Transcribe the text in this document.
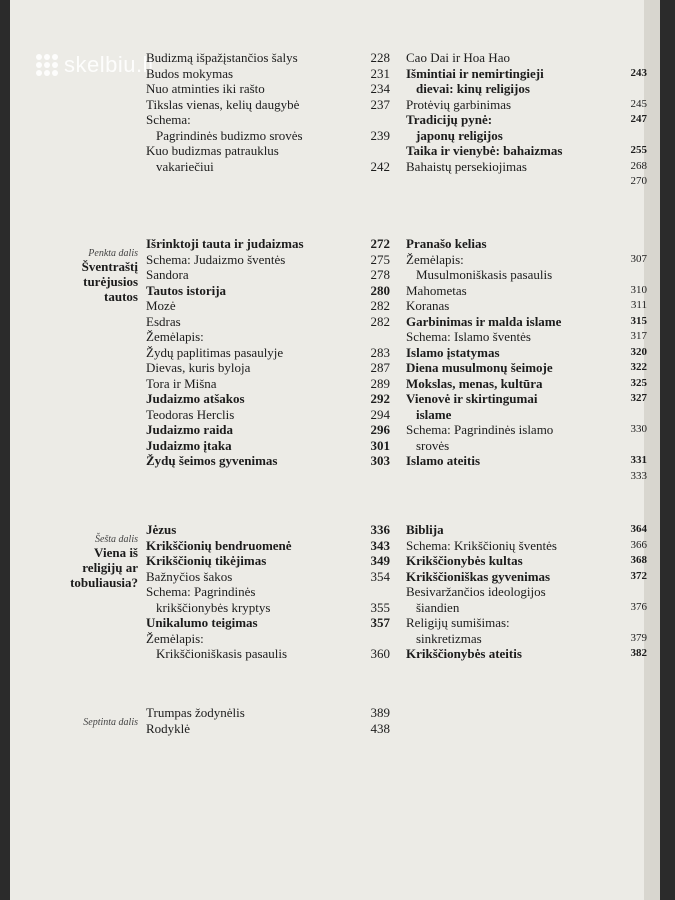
skelbiu.lt
Budizmą išpažįstančios šalys	228
Budos mokymas	231
Nuo atminties iki rašto	234
Tikslas vienas, kelių daugybė	237
Schema:
Pagrindinės budizmo srovės	239
Kuo budizmas patrauklus
vakariečiui	242
Cao Dai ir Hoa Hao
Išmintiai ir nemirtingieji	243
dievai: kinų religijos
Protėvių garbinimas	245
Tradicijų pynė:	247
japonų religijos
Taika ir vienybė: bahaizmas	255
Bahaistų persekiojimas	268

270
Penkta dalis
Šventraštį turėjusios tautos
Išrinktoji tauta ir judaizmas	272
Schema: Judaizmo šventės	275
Sandora	278
Tautos istorija	280
Mozė	282
Esdras	282
Žemėlapis:
Žydų paplitimas pasaulyje	283
Dievas, kuris byloja	287
Tora ir Mišna	289
Judaizmo atšakos	292
Teodoras Herclis	294
Judaizmo raida	296
Judaizmo įtaka	301
Žydų šeimos gyvenimas	303
Pranašo kelias
Žemėlapis:	307
Musulmoniškasis pasaulis
Mahometas	310
Koranas	311
Garbinimas ir malda islame	315
Schema: Islamo šventės	317
Islamo įstatymas	320
Diena musulmonų šeimoje	322
Mokslas, menas, kultūra	325
Vienovė ir skirtingumai	327
islame
Schema: Pagrindinės islamo	330
srovės
Islamo ateitis	331

333
Šešta dalis
Viena iš religijų ar tobuliausia?
Jėzus	336
Krikščionių bendruomenė	343
Krikščionių tikėjimas	349
Bažnyčios šakos	354
Schema: Pagrindinės
krikščionybės kryptys	355
Unikalumo teigimas	357
Žemėlapis:
Krikščioniškasis pasaulis	360
Biblija	364
Schema: Krikščionių šventės	366
Krikščionybės kultas	368
Krikščioniškas gyvenimas	372
Besivaržančios ideologijos
šiandien	376
Religijų sumišimas:
sinkretizmas	379
Krikščionybės ateitis	382
Septinta dalis
Trumpas žodynėlis	389
Rodyklė	438
